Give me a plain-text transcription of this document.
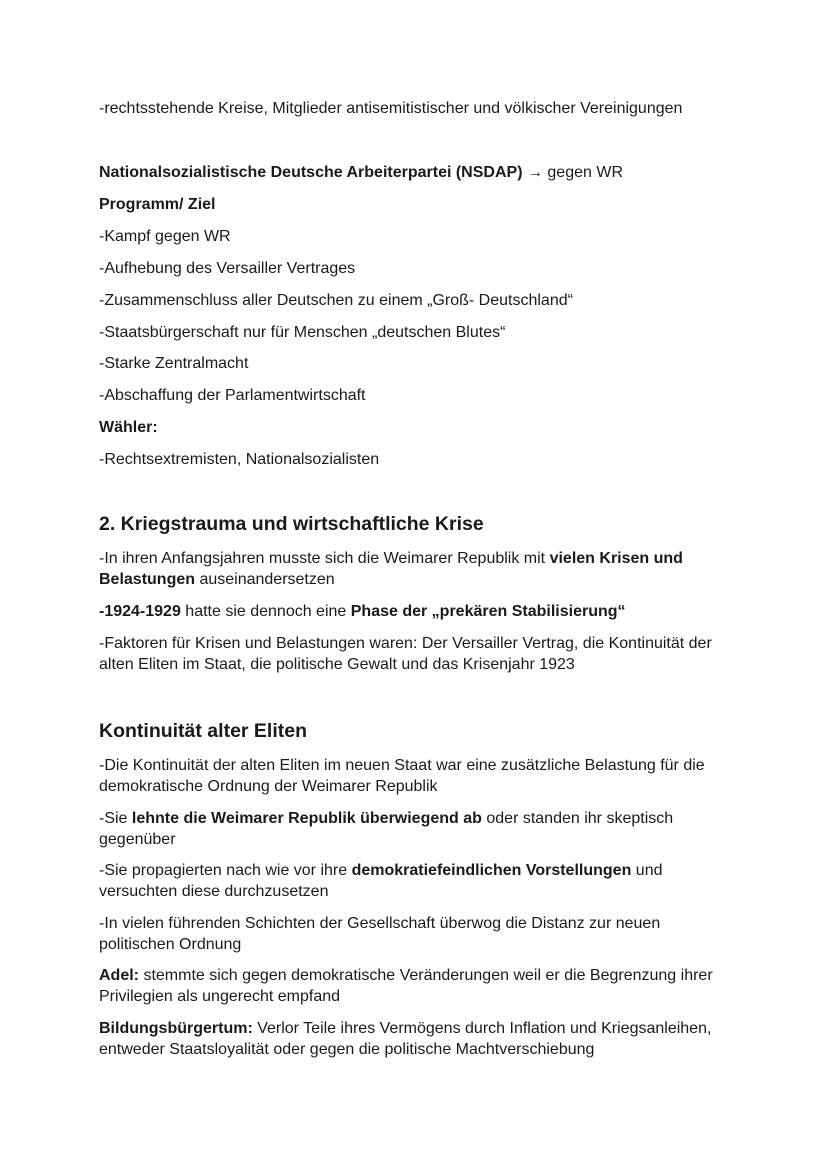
-rechtsstehende Kreise, Mitglieder antisemitistischer und völkischer Vereinigungen

Nationalsozialistische Deutsche Arbeiterpartei (NSDAP) → gegen WR

Programm/ Ziel

-Kampf gegen WR

-Aufhebung des Versailler Vertrages

-Zusammenschluss aller Deutschen zu einem „Groß- Deutschland“

-Staatsbürgerschaft nur für Menschen „deutschen Blutes“

-Starke Zentralmacht

-Abschaffung der Parlamentwirtschaft

Wähler:

-Rechtsextremisten, Nationalsozialisten

2. Kriegstrauma und wirtschaftliche Krise

-In ihren Anfangsjahren musste sich die Weimarer Republik mit vielen Krisen und Belastungen auseinandersetzen

-1924-1929 hatte sie dennoch eine Phase der „prekären Stabilisierung“

-Faktoren für Krisen und Belastungen waren: Der Versailler Vertrag, die Kontinuität der alten Eliten im Staat, die politische Gewalt und das Krisenjahr 1923

Kontinuität alter Eliten

-Die Kontinuität der alten Eliten im neuen Staat war eine zusätzliche Belastung für die demokratische Ordnung der Weimarer Republik

-Sie lehnte die Weimarer Republik überwiegend ab oder standen ihr skeptisch gegenüber

-Sie propagierten nach wie vor ihre demokratiefeindlichen Vorstellungen und versuchten diese durchzusetzen

-In vielen führenden Schichten der Gesellschaft überwog die Distanz zur neuen politischen Ordnung

Adel: stemmte sich gegen demokratische Veränderungen weil er die Begrenzung ihrer Privilegien als ungerecht empfand

Bildungsbürgertum: Verlor Teile ihres Vermögens durch Inflation und Kriegsanleihen, entweder Staatsloyalität oder gegen die politische Machtverschiebung
